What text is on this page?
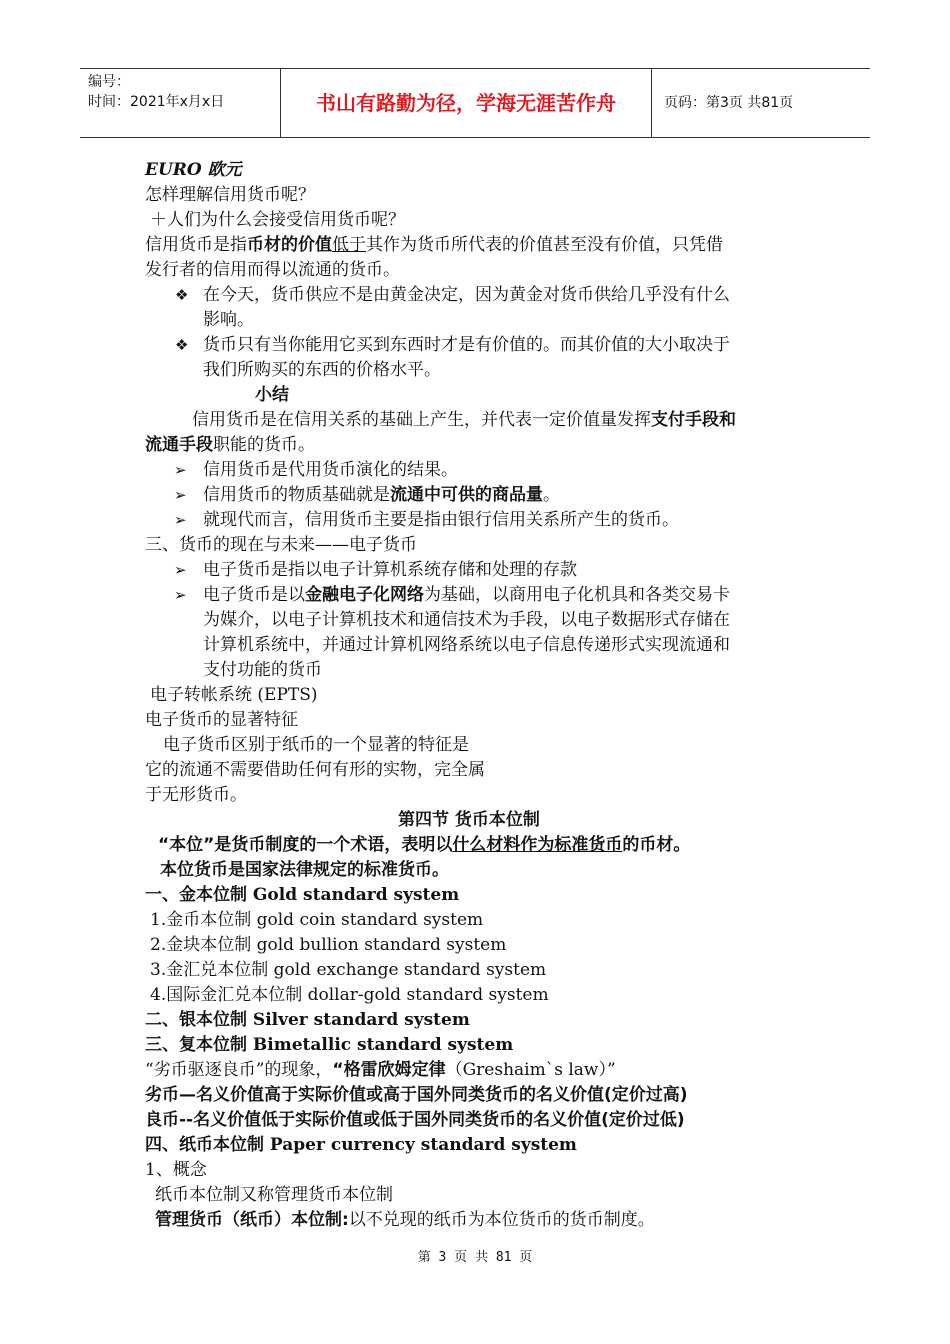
编号：
时间：2021年x月x日	书山有路勤为径，学海无涯苦作舟	页码：第3页 共81页
EURO 欧元
怎样理解信用货币呢？
＋人们为什么会接受信用货币呢？
信用货币是指币材的价值低于其作为货币所代表的价值甚至没有价值，只凭借
发行者的信用而得以流通的货币。
❖ 在今天，货币供应不是由黄金决定，因为黄金对货币供给几乎没有什么
影响。
❖ 货币只有当你能用它买到东西时才是有价值的。而其价值的大小取决于
我们所购买的东西的价格水平。
小结
信用货币是在信用关系的基础上产生，并代表一定价值量发挥支付手段和
流通手段职能的货币。
➢ 信用货币是代用货币演化的结果。
➢ 信用货币的物质基础就是流通中可供的商品量。
➢ 就现代而言，信用货币主要是指由银行信用关系所产生的货币。
三、货币的现在与未来——电子货币
➢ 电子货币是指以电子计算机系统存储和处理的存款
➢ 电子货币是以金融电子化网络为基础，以商用电子化机具和各类交易卡
为媒介，以电子计算机技术和通信技术为手段，以电子数据形式存储在
计算机系统中，并通过计算机网络系统以电子信息传递形式实现流通和
支付功能的货币
电子转帐系统 (EPTS)
电子货币的显著特征
电子货币区别于纸币的一个显著的特征是
它的流通不需要借助任何有形的实物，完全属
于无形货币。
第四节 货币本位制
“本位”是货币制度的一个术语，表明以什么材料作为标准货币的币材。
本位货币是国家法律规定的标准货币。
一、金本位制 Gold standard system
1.金币本位制 gold coin standard system
2.金块本位制 gold bullion standard system
3.金汇兑本位制 gold exchange standard system
4.国际金汇兑本位制 dollar-gold standard system
二、银本位制 Silver standard system
三、复本位制 Bimetallic standard system
“劣币驱逐良币”的现象，“格雷欣姆定律（Greshaim`s law）”
劣币—名义价值高于实际价值或高于国外同类货币的名义价值(定价过高)
良币--名义价值低于实际价值或低于国外同类货币的名义价值(定价过低)
四、纸币本位制 Paper currency standard system
1、概念
纸币本位制又称管理货币本位制
管理货币（纸币）本位制:以不兑现的纸币为本位货币的货币制度。
第 3 页 共 81 页
